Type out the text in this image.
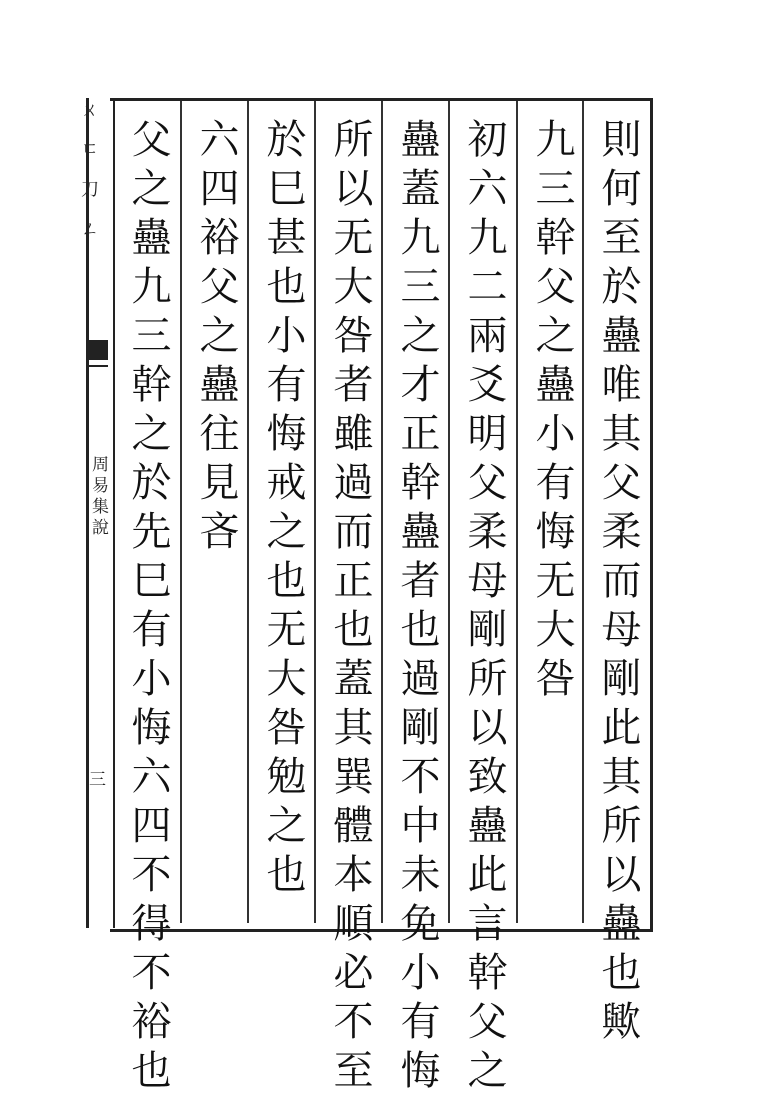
ㄨ ㄷ 刀 ㄥ
周易集說
三	則何至於蠱唯其父柔而母剛此其所以蠱也歟
九三幹父之蠱小有悔无大咎
初六九二兩爻明父柔母剛所以致蠱此言幹父之
蠱蓋九三之才正幹蠱者也過剛不中未免小有悔
所以无大咎者雖過而正也蓋其巽體本順必不至
於巳甚也小有悔戒之也无大咎勉之也
六四裕父之蠱往見吝
父之蠱九三幹之於先巳有小悔六四不得不裕也
